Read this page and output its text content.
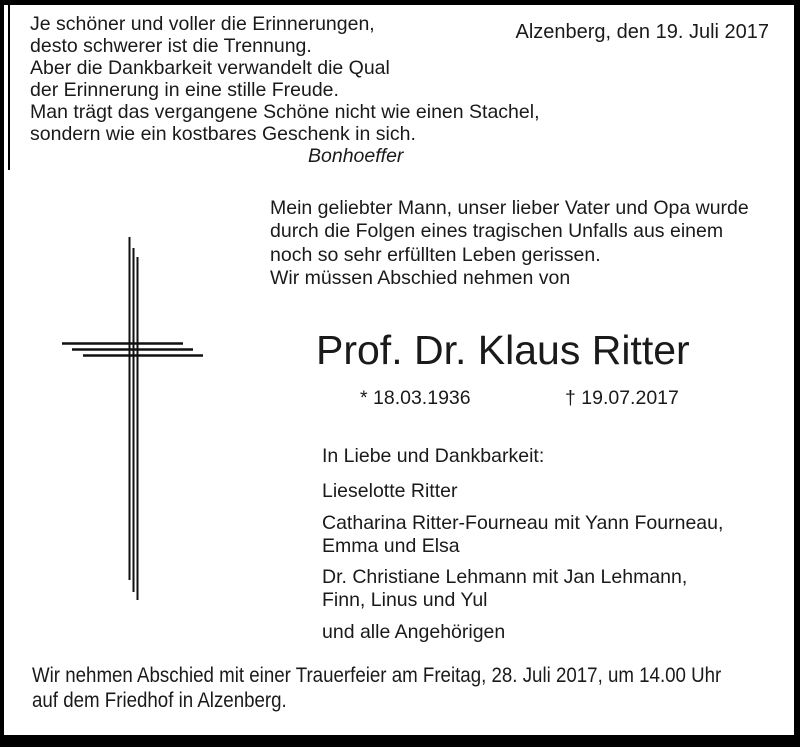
Je schöner und voller die Erinnerungen,
desto schwerer ist die Trennung.
Aber die Dankbarkeit verwandelt die Qual
der Erinnerung in eine stille Freude.
Man trägt das vergangene Schöne nicht wie einen Stachel,
sondern wie ein kostbares Geschenk in sich.
Bonhoeffer
Alzenberg, den 19. Juli 2017
Mein geliebter Mann, unser lieber Vater und Opa wurde
durch die Folgen eines tragischen Unfalls aus einem
noch so sehr erfüllten Leben gerissen.
Wir müssen Abschied nehmen von
Prof. Dr. Klaus Ritter
* 18.03.1936	† 19.07.2017
In Liebe und Dankbarkeit:
Lieselotte Ritter
Catharina Ritter-Fourneau mit Yann Fourneau,
Emma und Elsa
Dr. Christiane Lehmann mit Jan Lehmann,
Finn, Linus und Yul
und alle Angehörigen
Wir nehmen Abschied mit einer Trauerfeier am Freitag, 28. Juli 2017, um 14.00 Uhr
auf dem Friedhof in Alzenberg.
